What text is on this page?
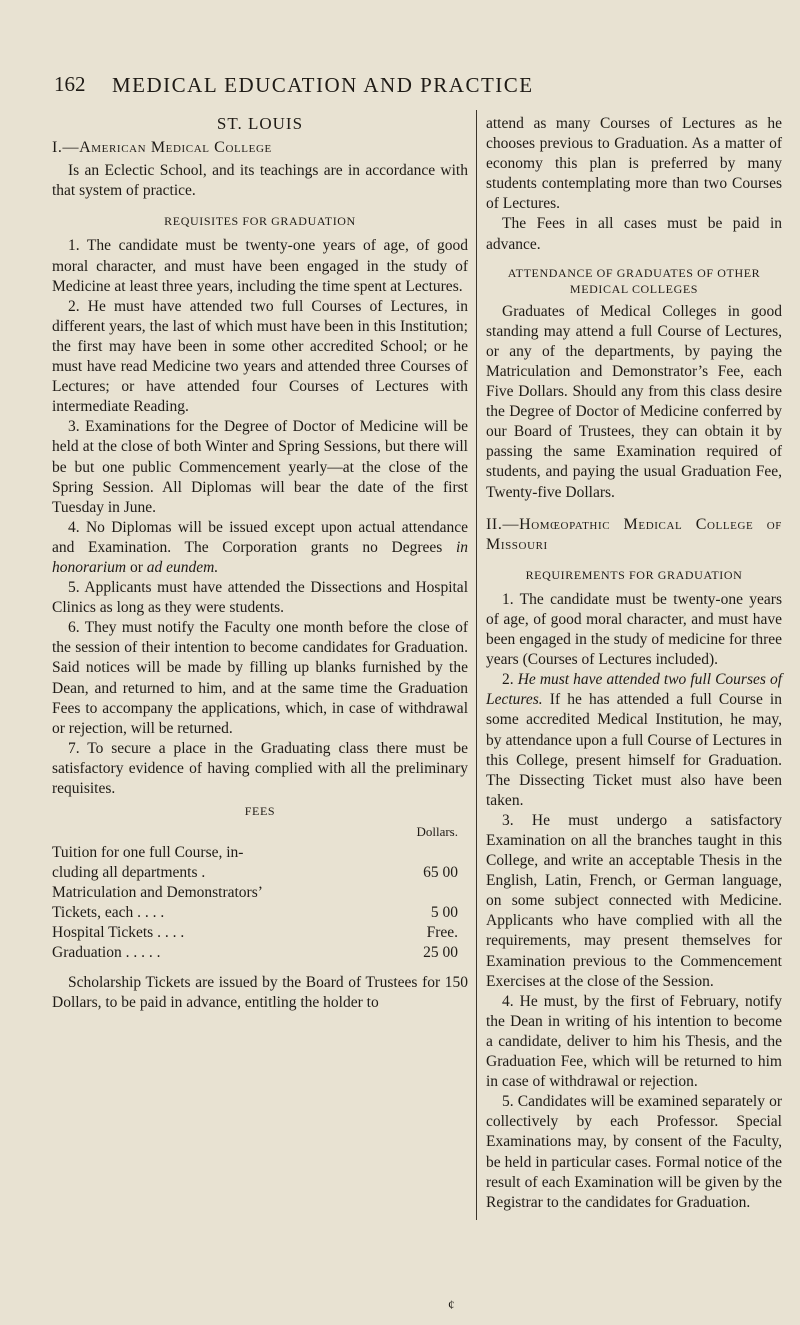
162 MEDICAL EDUCATION AND PRACTICE
ST. LOUIS

I.—American Medical College

Is an Eclectic School, and its teachings are in accordance with that system of practice.

REQUISITES FOR GRADUATION

1. The candidate must be twenty-one years of age, of good moral character, and must have been engaged in the study of Medicine at least three years, including the time spent at Lectures.

2. He must have attended two full Courses of Lectures, in different years, the last of which must have been in this Institution; the first may have been in some other accredited School; or he must have read Medicine two years and attended three Courses of Lectures; or have attended four Courses of Lectures with intermediate Reading.

3. Examinations for the Degree of Doctor of Medicine will be held at the close of both Winter and Spring Sessions, but there will be but one public Commencement yearly—at the close of the Spring Session. All Diplomas will bear the date of the first Tuesday in June.

4. No Diplomas will be issued except upon actual attendance and Examination. The Corporation grants no Degrees in honorarium or ad eundem.

5. Applicants must have attended the Dissections and Hospital Clinics as long as they were students.

6. They must notify the Faculty one month before the close of the session of their intention to become candidates for Graduation. Said notices will be made by filling up blanks furnished by the Dean, and returned to him, and at the same time the Graduation Fees to accompany the applications, which, in case of withdrawal or rejection, will be returned.

7. To secure a place in the Graduating class there must be satisfactory evidence of having complied with all the preliminary requisites.

FEES
	Dollars.
Tuition for one full Course, in-	
cluding all departments .	65 00
Matriculation and Demonstrators’	
Tickets, each . . . .	5 00
Hospital Tickets . . . .	Free.
Graduation . . . . .	25 00

Scholarship Tickets are issued by the Board of Trustees for 150 Dollars, to be paid in advance, entitling the holder to

attend as many Courses of Lectures as he chooses previous to Graduation. As a matter of economy this plan is preferred by many students contemplating more than two Courses of Lectures.

The Fees in all cases must be paid in advance.

ATTENDANCE OF GRADUATES OF OTHER
MEDICAL COLLEGES

Graduates of Medical Colleges in good standing may attend a full Course of Lectures, or any of the departments, by paying the Matriculation and Demonstrator’s Fee, each Five Dollars. Should any from this class desire the Degree of Doctor of Medicine conferred by our Board of Trustees, they can obtain it by passing the same Examination required of students, and paying the usual Graduation Fee, Twenty-five Dollars.

II.—Homœopathic Medical College of Missouri

REQUIREMENTS FOR GRADUATION

1. The candidate must be twenty-one years of age, of good moral character, and must have been engaged in the study of medicine for three years (Courses of Lectures included).

2. He must have attended two full Courses of Lectures. If he has attended a full Course in some accredited Medical Institution, he may, by attendance upon a full Course of Lectures in this College, present himself for Graduation. The Dissecting Ticket must also have been taken.

3. He must undergo a satisfactory Examination on all the branches taught in this College, and write an acceptable Thesis in the English, Latin, French, or German language, on some subject connected with Medicine. Applicants who have complied with all the requirements, may present themselves for Examination previous to the Commencement Exercises at the close of the Session.

4. He must, by the first of February, notify the Dean in writing of his intention to become a candidate, deliver to him his Thesis, and the Graduation Fee, which will be returned to him in case of withdrawal or rejection.

5. Candidates will be examined separately or collectively by each Professor. Special Examinations may, by consent of the Faculty, be held in particular cases. Formal notice of the result of each Examination will be given by the Registrar to the candidates for Graduation.

¢
